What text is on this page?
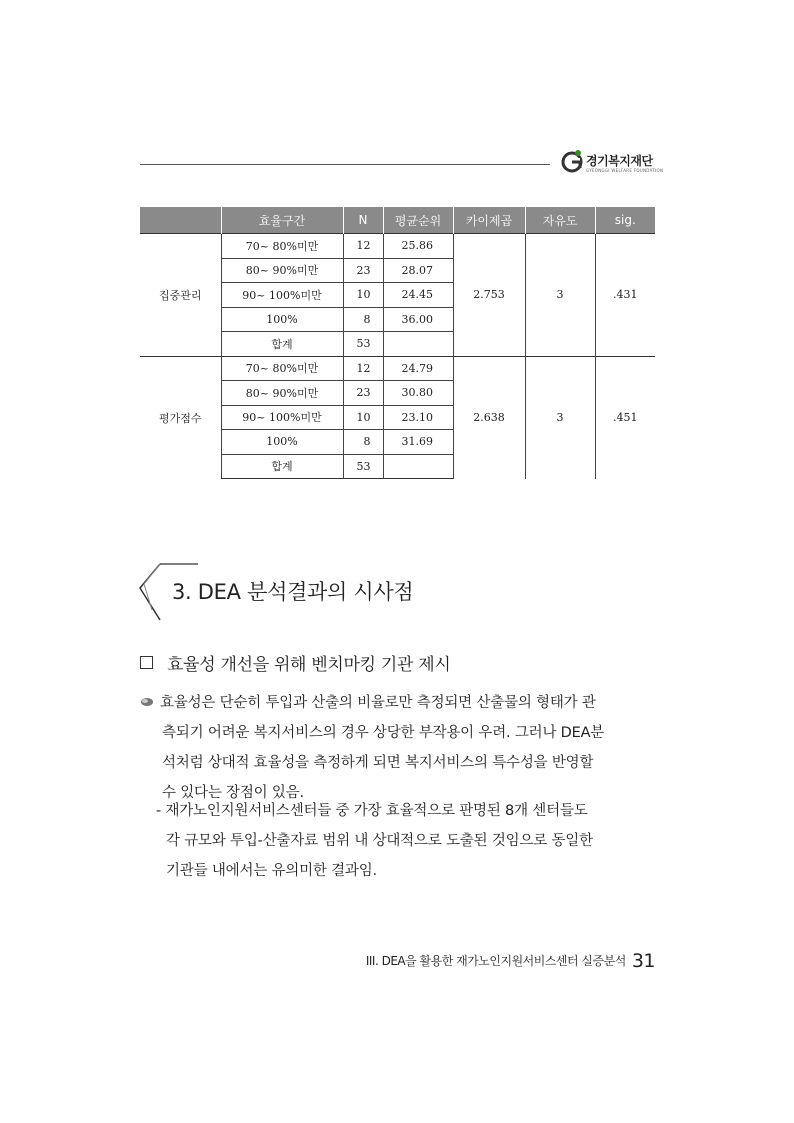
경기복지재단
GYEONGGI WELFARE FOUNDATION
	효율구간	N	평균순위	카이제곱	자유도	sig.
집중관리	70~ 80%미만	12	25.86	2.753	3	.431
	80~ 90%미만	23	28.07			
	90~ 100%미만	10	24.45			
	100%	8	36.00			
	합계	53				
평가점수	70~ 80%미만	12	24.79	2.638	3	.451
	80~ 90%미만	23	30.80			
	90~ 100%미만	10	23.10			
	100%	8	31.69			
	합계	53				
3. DEA 분석결과의 시사점
효율성 개선을 위해 벤치마킹 기관 제시
효율성은 단순히 투입과 산출의 비율로만 측정되면 산출물의 형태가 관
측되기 어려운 복지서비스의 경우 상당한 부작용이 우려. 그러나 DEA분
석처럼 상대적 효율성을 측정하게 되면 복지서비스의 특수성을 반영할
수 있다는 장점이 있음.
- 재가노인지원서비스센터들 중 가장 효율적으로 판명된 8개 센터들도
각 규모와 투입-산출자료 범위 내 상대적으로 도출된 것임으로 동일한
기관들 내에서는 유의미한 결과임.
III. DEA을 활용한 재가노인지원서비스센터 실증분석 31
